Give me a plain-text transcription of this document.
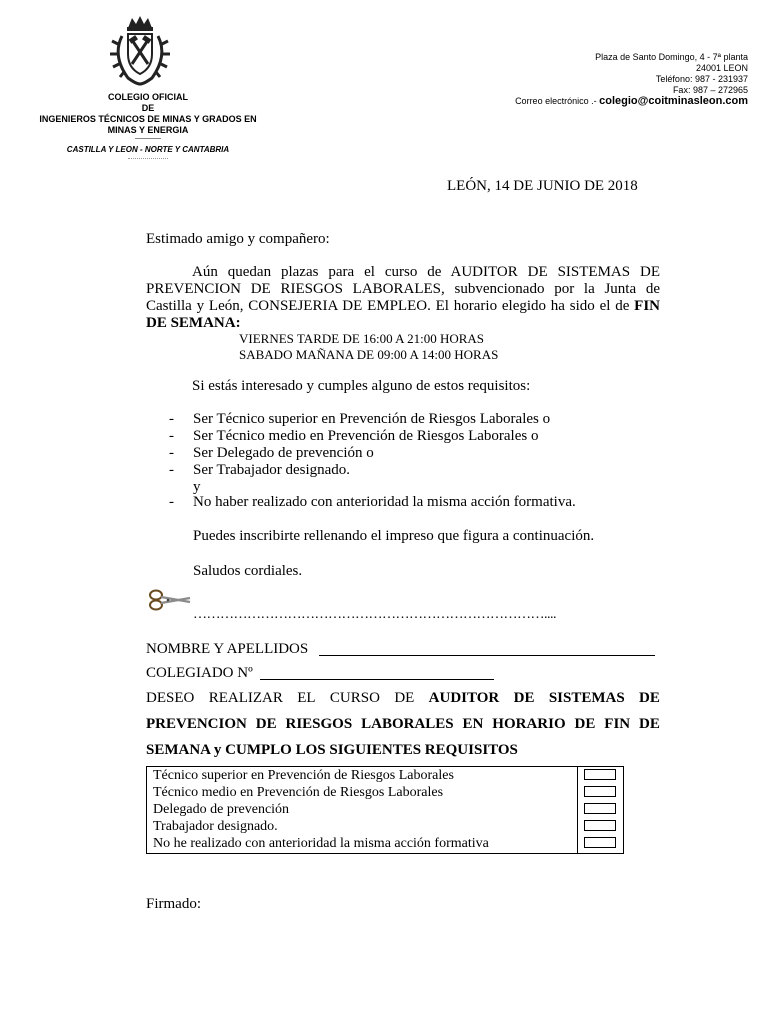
COLEGIO OFICIAL
DE
INGENIEROS TÉCNICOS DE MINAS Y GRADOS EN
MINAS Y ENERGIA
CASTILLA Y LEON - NORTE Y CANTABRIA
Plaza de Santo Domingo, 4 - 7ª planta
24001 LEON
Teléfono: 987 - 231937
Fax: 987 – 272965
Correo electrónico .- colegio@coitminasleon.com
LEÓN, 14 DE JUNIO DE 2018
Estimado amigo y compañero:
Aún quedan plazas para el curso de AUDITOR DE SISTEMAS DE
PREVENCION DE RIESGOS LABORALES, subvencionado por la Junta de
Castilla y León, CONSEJERIA DE EMPLEO. El horario elegido ha sido el de FIN
DE SEMANA:
VIERNES TARDE DE 16:00 A 21:00 HORAS
SABADO MAÑANA DE 09:00 A 14:00 HORAS
Si estás interesado y cumples alguno de estos requisitos:
- Ser Técnico superior en Prevención de Riesgos Laborales o
- Ser Técnico medio en Prevención de Riesgos Laborales o
- Ser Delegado de prevención o
- Ser Trabajador designado.
y
- No haber realizado con anterioridad la misma acción formativa.
Puedes inscribirte rellenando el impreso que figura a continuación.
Saludos cordiales.
……………………………………………………………………....
NOMBRE Y APELLIDOS
COLEGIADO Nº
DESEO REALIZAR EL CURSO DE AUDITOR DE SISTEMAS DE
PREVENCION DE RIESGOS LABORALES EN HORARIO DE FIN DE
SEMANA y CUMPLO LOS SIGUIENTES REQUISITOS
Técnico superior en Prevención de Riesgos Laborales
Técnico medio en Prevención de Riesgos Laborales
Delegado de prevención
Trabajador designado.
No he realizado con anterioridad la misma acción formativa
Firmado:
